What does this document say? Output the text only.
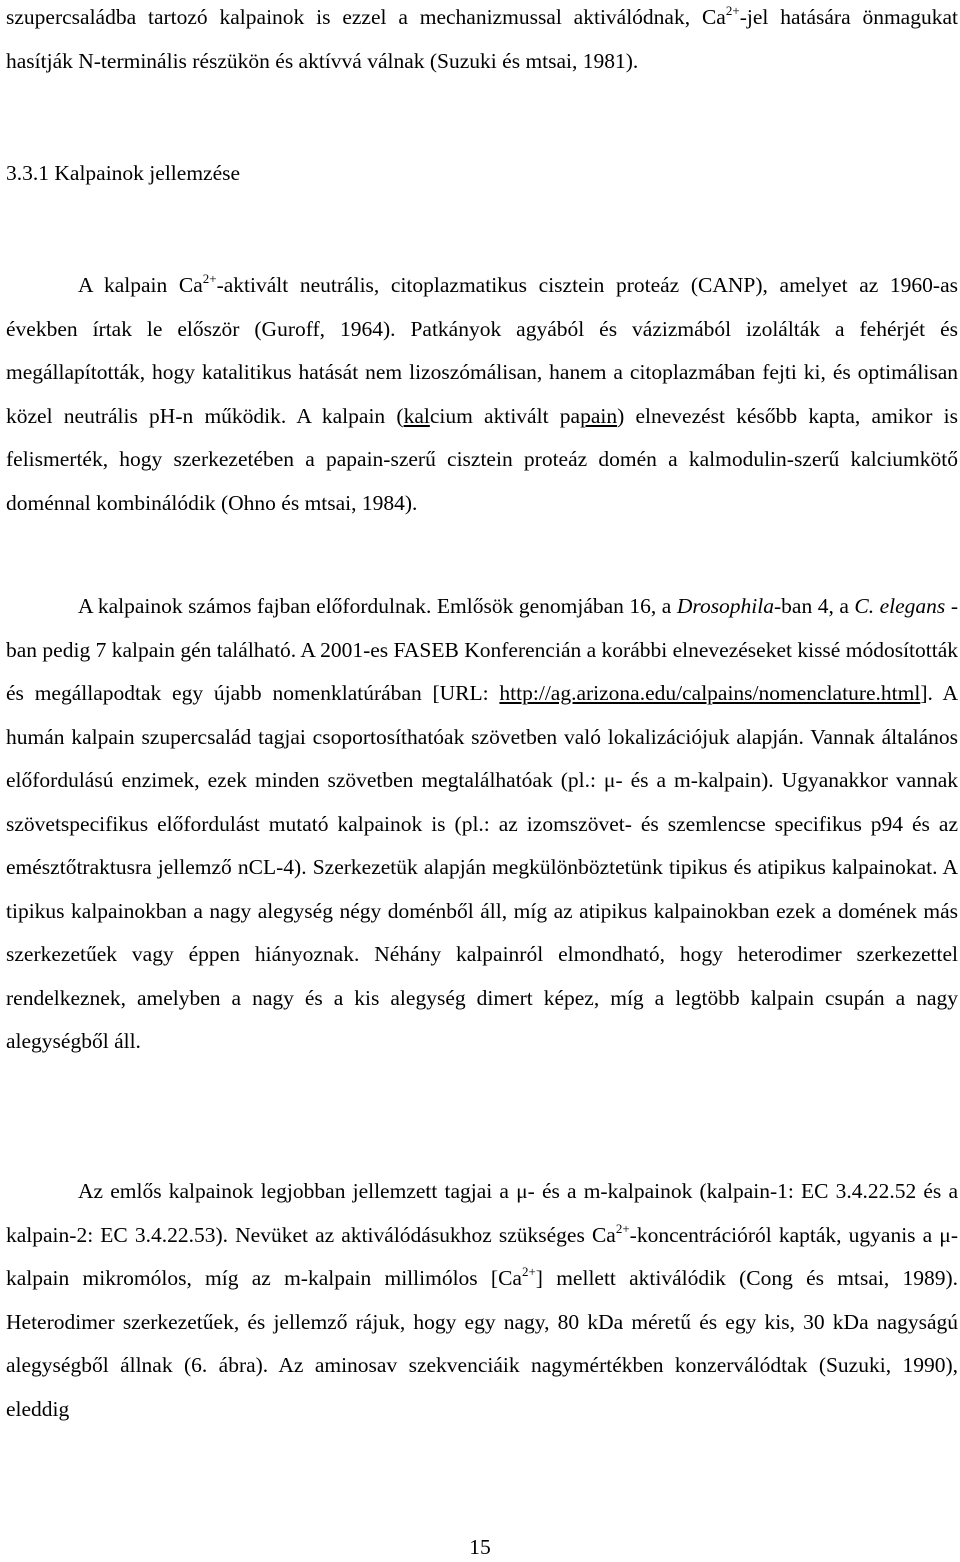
szupercsaládba tartozó kalpainok is ezzel a mechanizmussal aktiválódnak, $Ca^{2+}$-jel hatására önmagukat hasítják N-terminális részükön és aktívvá válnak (Suzuki és mtsai, 1981).

3.3.1 Kalpainok jellemzése

A kalpain $Ca^{2+}$-aktivált neutrális, citoplazmatikus cisztein proteáz (CANP), amelyet az 1960-as években írtak le először (Guroff, 1964). Patkányok agyából és vázizmából izolálták a fehérjét és megállapították, hogy katalitikus hatását nem lizoszómálisan, hanem a citoplazmában fejti ki, és optimálisan közel neutrális pH-n működik. A kalpain (kalcium aktivált papain) elnevezést később kapta, amikor is felismerték, hogy szerkezetében a papain-szerű cisztein proteáz domén a kalmodulin-szerű kalciumkötő doménnal kombinálódik (Ohno és mtsai, 1984).

A kalpainok számos fajban előfordulnak. Emlősök genomjában 16, a Drosophila-ban 4, a C. elegans -ban pedig 7 kalpain gén található. A 2001-es FASEB Konferencián a korábbi elnevezéseket kissé módosították és megállapodtak egy újabb nomenklatúrában [URL: http://ag.arizona.edu/calpains/nomenclature.html]. A humán kalpain szupercsalád tagjai csoportosíthatóak szövetben való lokalizációjuk alapján. Vannak általános előfordulású enzimek, ezek minden szövetben megtalálhatóak (pl.: μ- és a m-kalpain). Ugyanakkor vannak szövetspecifikus előfordulást mutató kalpainok is (pl.: az izomszövet- és szemlencse specifikus p94 és az emésztőtraktusra jellemző nCL-4). Szerkezetük alapján megkülönböztetünk tipikus és atipikus kalpainokat. A tipikus kalpainokban a nagy alegység négy doménből áll, míg az atipikus kalpainokban ezek a domének más szerkezetűek vagy éppen hiányoznak. Néhány kalpainról elmondható, hogy heterodimer szerkezettel rendelkeznek, amelyben a nagy és a kis alegység dimert képez, míg a legtöbb kalpain csupán a nagy alegységből áll.

Az emlős kalpainok legjobban jellemzett tagjai a μ- és a m-kalpainok (kalpain-1: EC 3.4.22.52 és a kalpain-2: EC 3.4.22.53). Nevüket az aktiválódásukhoz szükséges $Ca^{2+}$-koncentrációról kapták, ugyanis a μ-kalpain mikromólos, míg az m-kalpain millimólos $[Ca^{2+}]$ mellett aktiválódik (Cong és mtsai, 1989). Heterodimer szerkezetűek, és jellemző rájuk, hogy egy nagy, 80 kDa méretű és egy kis, 30 kDa nagyságú alegységből állnak (6. ábra). Az aminosav szekvenciáik nagymértékben konzerválódtak (Suzuki, 1990), eleddig

15
